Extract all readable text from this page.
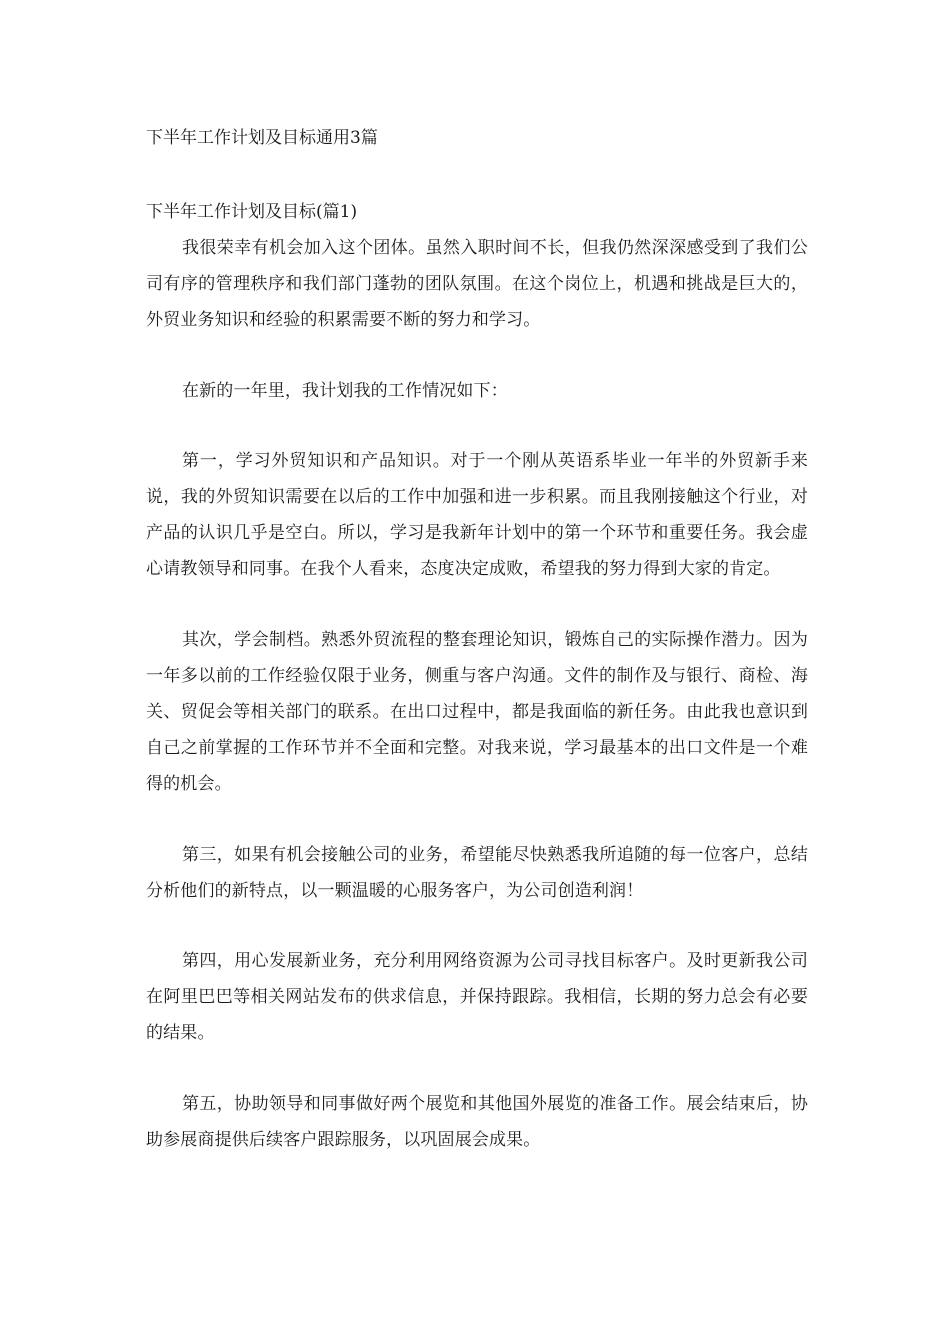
下半年工作计划及目标通用3篇
下半年工作计划及目标(篇1)

我很荣幸有机会加入这个团体。虽然入职时间不长，但我仍然深深感受到了我们公司有序的管理秩序和我们部门蓬勃的团队氛围。在这个岗位上，机遇和挑战是巨大的，外贸业务知识和经验的积累需要不断的努力和学习。

在新的一年里，我计划我的工作情况如下：

第一，学习外贸知识和产品知识。对于一个刚从英语系毕业一年半的外贸新手来说，我的外贸知识需要在以后的工作中加强和进一步积累。而且我刚接触这个行业，对产品的认识几乎是空白。所以，学习是我新年计划中的第一个环节和重要任务。我会虚心请教领导和同事。在我个人看来，态度决定成败，希望我的努力得到大家的肯定。

其次，学会制档。熟悉外贸流程的整套理论知识，锻炼自己的实际操作潜力。因为一年多以前的工作经验仅限于业务，侧重与客户沟通。文件的制作及与银行、商检、海关、贸促会等相关部门的联系。在出口过程中，都是我面临的新任务。由此我也意识到自己之前掌握的工作环节并不全面和完整。对我来说，学习最基本的出口文件是一个难得的机会。

第三，如果有机会接触公司的业务，希望能尽快熟悉我所追随的每一位客户，总结分析他们的新特点，以一颗温暖的心服务客户，为公司创造利润！

第四，用心发展新业务，充分利用网络资源为公司寻找目标客户。及时更新我公司在阿里巴巴等相关网站发布的供求信息，并保持跟踪。我相信，长期的努力总会有必要的结果。

第五，协助领导和同事做好两个展览和其他国外展览的准备工作。展会结束后，协助参展商提供后续客户跟踪服务，以巩固展会成果。
